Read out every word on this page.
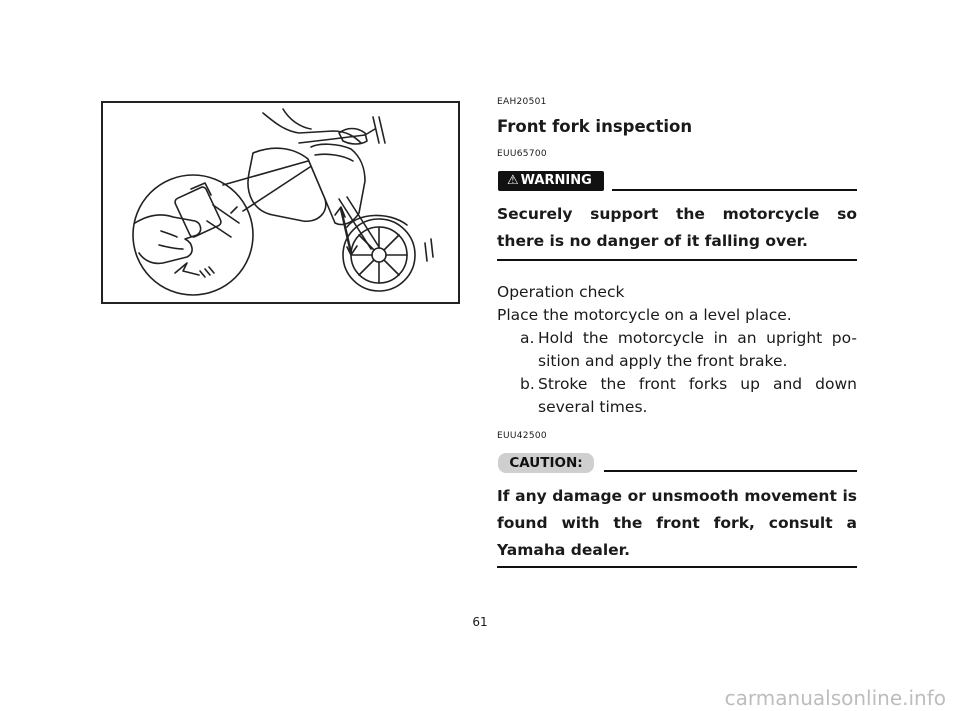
EAH20501
Front fork inspection
EUU65700
⚠ WARNING
Securely support the motorcycle so there is no danger of it falling over.
Operation check
Place the motorcycle on a level place.
a. Hold the motorcycle in an upright po-
sition and apply the front brake.
b. Stroke the front forks up and down
several times.
EUU42500
CAUTION:
If any damage or unsmooth movement is found with the front fork, consult a Yamaha dealer.
61
carmanualsonline.info
